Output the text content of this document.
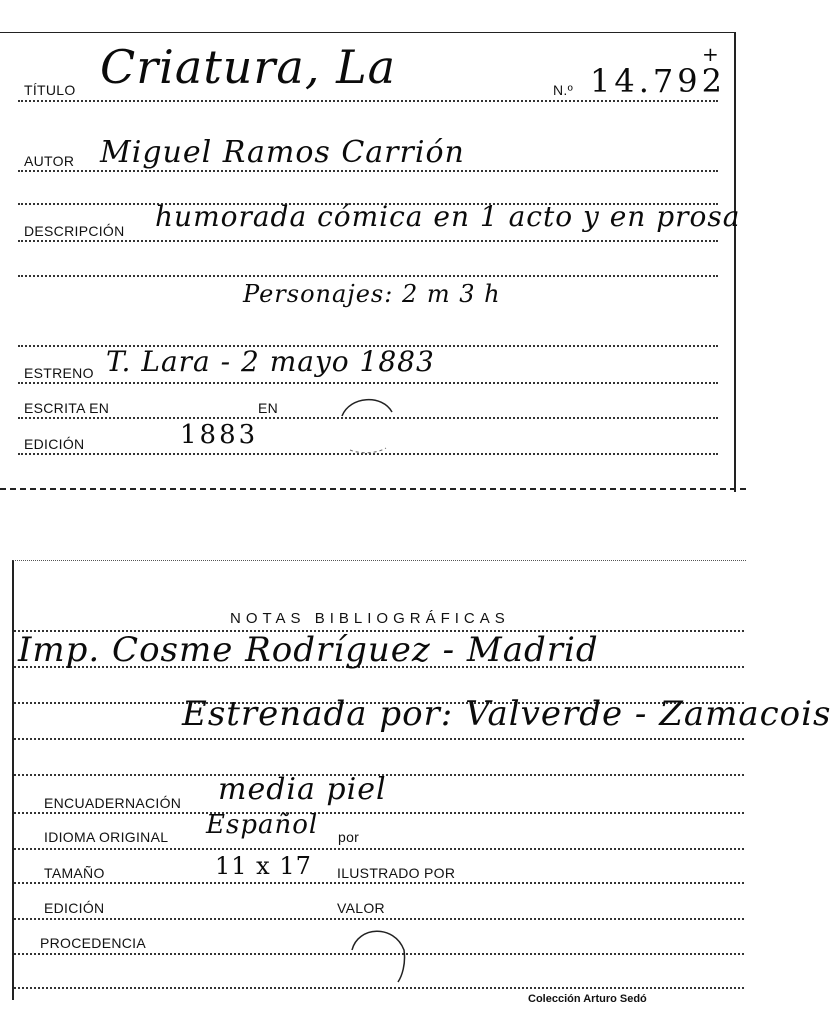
TÍTULO Criatura, La	N.º 14.792
+
AUTOR Miguel Ramos Carrión
DESCRIPCIÓN humorada cómica en 1 acto y en prosa
Personajes: 2 m 3 h
ESTRENO T. Lara - 2 mayo 1883
ESCRITA EN	EN
EDICIÓN	1883
NOTAS BIBLIOGRÁFICAS
Imp. Cosme Rodríguez - Madrid
Estrenada por: Valverde - Zamacois
ENCUADERNACIÓN media piel
IDIOMA ORIGINAL Español por
TAMAÑO	11 x 17 ILUSTRADO POR
EDICIÓN	VALOR
PROCEDENCIA
Colección Arturo Sedó
